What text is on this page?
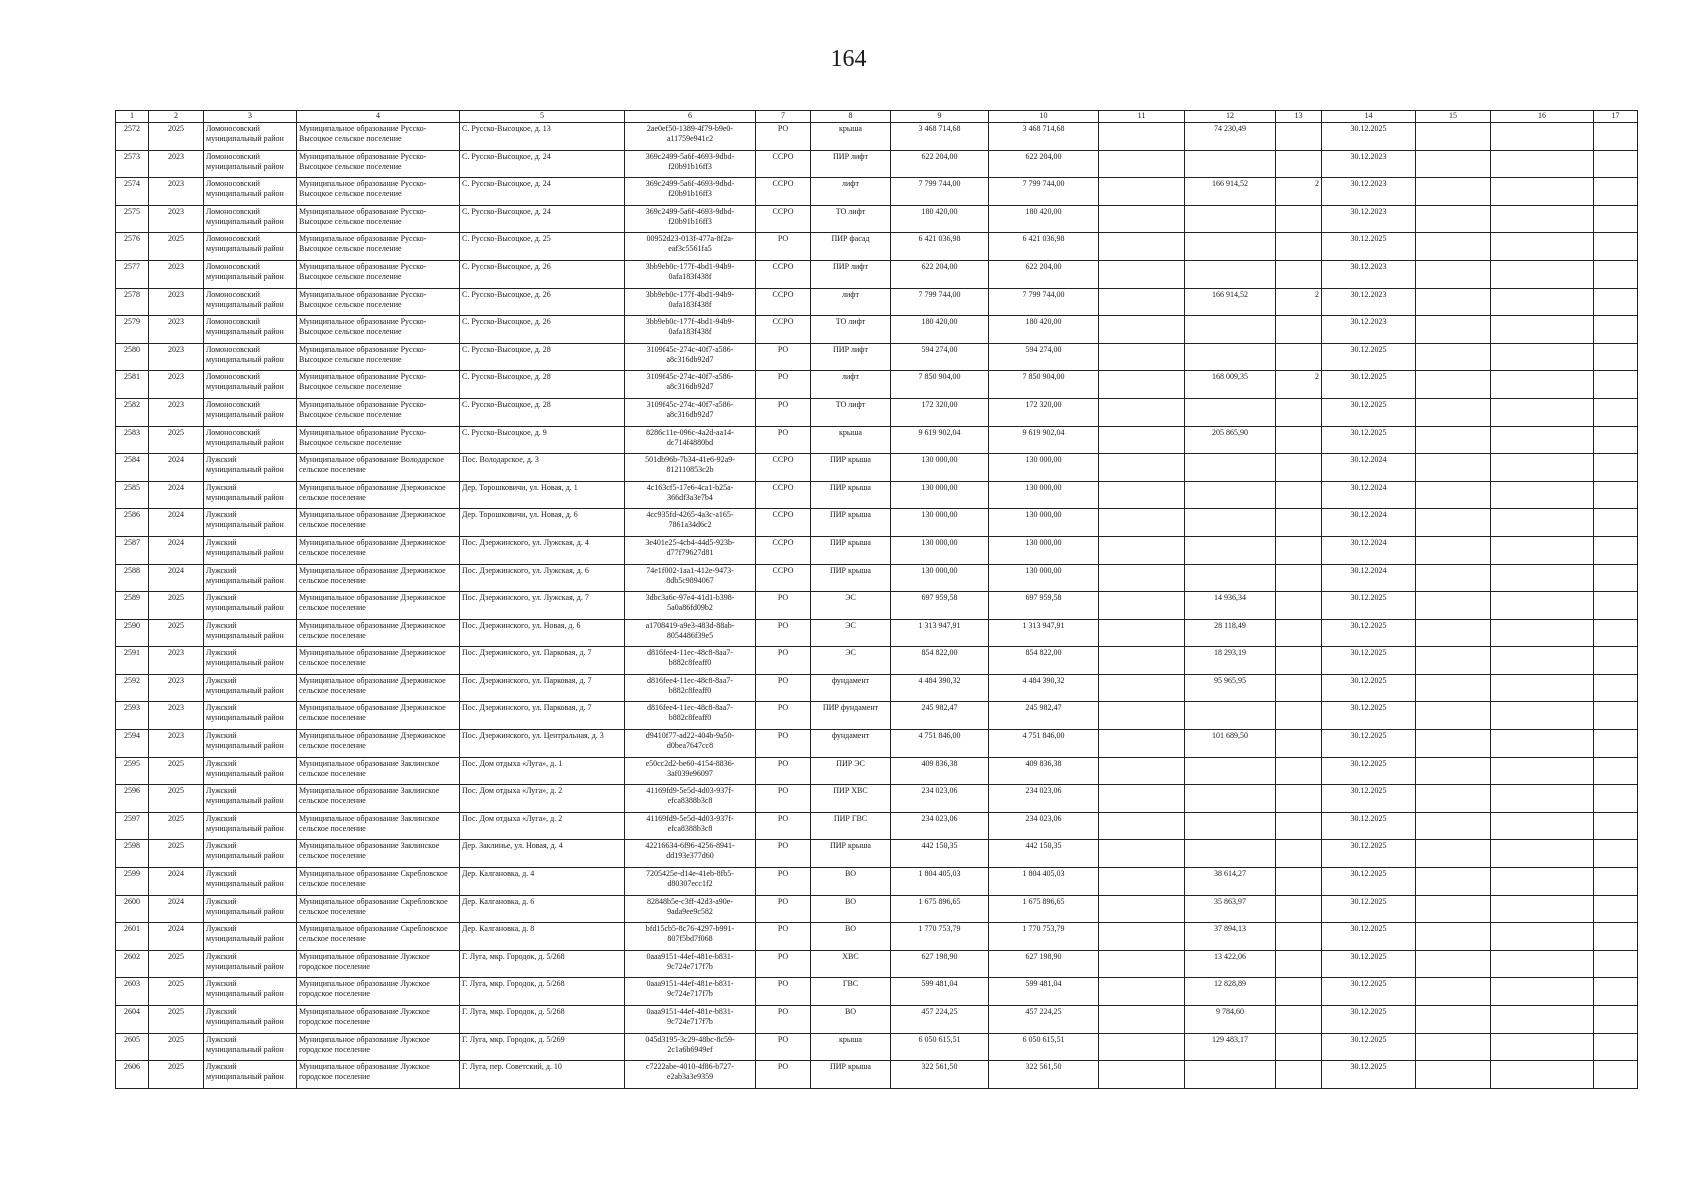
164
1	2	3	4	5	6	7	8	9	10	11	12	13	14	15	16	17
2572	2025	Ломоносовский муниципальный район	Муниципальное образование Русско-Высоцкое сельское поселение	С. Русско-Высоцкое, д. 13	2ae0ef50-1389-4f79-b9e0-a11759e941c2	РО	крыша	3 468 714,68	3 468 714,68		74 230,49		30.12.2025			
2573	2023	Ломоносовский муниципальный район	Муниципальное образование Русско-Высоцкое сельское поселение	С. Русско-Высоцкое, д. 24	369c2499-5a6f-4693-9dbd-f20b91b16ff3	ССРО	ПИР лифт	622 204,00	622 204,00				30.12.2023			
2574	2023	Ломоносовский муниципальный район	Муниципальное образование Русско-Высоцкое сельское поселение	С. Русско-Высоцкое, д. 24	369c2499-5a6f-4693-9dbd-f20b91b16ff3	ССРО	лифт	7 799 744,00	7 799 744,00		166 914,52	2	30.12.2023			
2575	2023	Ломоносовский муниципальный район	Муниципальное образование Русско-Высоцкое сельское поселение	С. Русско-Высоцкое, д. 24	369c2499-5a6f-4693-9dbd-f20b91b16ff3	ССРО	ТО лифт	180 420,00	180 420,00				30.12.2023			
2576	2025	Ломоносовский муниципальный район	Муниципальное образование Русско-Высоцкое сельское поселение	С. Русско-Высоцкое, д. 25	00952d23-013f-477a-8f2a-eaf3c5561fa5	РО	ПИР фасад	6 421 036,98	6 421 036,98				30.12.2025			
2577	2023	Ломоносовский муниципальный район	Муниципальное образование Русско-Высоцкое сельское поселение	С. Русско-Высоцкое, д. 26	3bb9eb0c-177f-4bd1-94b9-0afa183f438f	ССРО	ПИР лифт	622 204,00	622 204,00				30.12.2023			
2578	2023	Ломоносовский муниципальный район	Муниципальное образование Русско-Высоцкое сельское поселение	С. Русско-Высоцкое, д. 26	3bb9eb0c-177f-4bd1-94b9-0afa183f438f	ССРО	лифт	7 799 744,00	7 799 744,00		166 914,52	2	30.12.2023			
2579	2023	Ломоносовский муниципальный район	Муниципальное образование Русско-Высоцкое сельское поселение	С. Русско-Высоцкое, д. 26	3bb9eb0c-177f-4bd1-94b9-0afa183f438f	ССРО	ТО лифт	180 420,00	180 420,00				30.12.2023			
2580	2023	Ломоносовский муниципальный район	Муниципальное образование Русско-Высоцкое сельское поселение	С. Русско-Высоцкое, д. 28	3109f45c-274c-40f7-a586-a8c316db92d7	РО	ПИР лифт	594 274,00	594 274,00				30.12.2025			
2581	2023	Ломоносовский муниципальный район	Муниципальное образование Русско-Высоцкое сельское поселение	С. Русско-Высоцкое, д. 28	3109f45c-274c-40f7-a586-a8c316db92d7	РО	лифт	7 850 904,00	7 850 904,00		168 009,35	2	30.12.2025			
2582	2023	Ломоносовский муниципальный район	Муниципальное образование Русско-Высоцкое сельское поселение	С. Русско-Высоцкое, д. 28	3109f45c-274c-40f7-a586-a8c316db92d7	РО	ТО лифт	172 320,00	172 320,00				30.12.2025			
2583	2025	Ломоносовский муниципальный район	Муниципальное образование Русско-Высоцкое сельское поселение	С. Русско-Высоцкое, д. 9	8286c11e-096c-4a2d-aa14-dc714f4880bd	РО	крыша	9 619 902,04	9 619 902,04		205 865,90		30.12.2025			
2584	2024	Лужский муниципальный район	Муниципальное образование Володарское сельское поселение	Пос. Володарское, д. 3	501db96b-7b34-41e6-92a9-812110853c2b	ССРО	ПИР крыша	130 000,00	130 000,00				30.12.2024			
2585	2024	Лужский муниципальный район	Муниципальное образование Дзержинское сельское поселение	Дер. Торошковичи, ул. Новая, д. 1	4c163cf5-17e6-4ca1-b25a-366df3a3e7b4	ССРО	ПИР крыша	130 000,00	130 000,00				30.12.2024			
2586	2024	Лужский муниципальный район	Муниципальное образование Дзержинское сельское поселение	Дер. Торошковичи, ул. Новая, д. 6	4cc935fd-4265-4a3c-a165-7861a34d6c2	ССРО	ПИР крыша	130 000,00	130 000,00				30.12.2024			
2587	2024	Лужский муниципальный район	Муниципальное образование Дзержинское сельское поселение	Пос. Дзержинского, ул. Лужская, д. 4	3e401e25-4cb4-44d5-923b-d77f79627d81	ССРО	ПИР крыша	130 000,00	130 000,00				30.12.2024			
2588	2024	Лужский муниципальный район	Муниципальное образование Дзержинское сельское поселение	Пос. Дзержинского, ул. Лужская, д. 6	74e1f002-1aa1-412e-9473-8db5c9894067	ССРО	ПИР крыша	130 000,00	130 000,00				30.12.2024			
2589	2025	Лужский муниципальный район	Муниципальное образование Дзержинское сельское поселение	Пос. Дзержинского, ул. Лужская, д. 7	3dbc3a6c-97e4-41d1-b398-5a0a86fd09b2	РО	ЭС	697 959,58	697 959,58		14 936,34		30.12.2025			
2590	2025	Лужский муниципальный район	Муниципальное образование Дзержинское сельское поселение	Пос. Дзержинского, ул. Новая, д. 6	a1708419-a9e3-483d-88ab-8054486f39e5	РО	ЭС	1 313 947,91	1 313 947,91		28 118,49		30.12.2025			
2591	2023	Лужский муниципальный район	Муниципальное образование Дзержинское сельское поселение	Пос. Дзержинского, ул. Парковая, д. 7	d816fee4-11ec-48c8-8aa7-b882c8feaff0	РО	ЭС	854 822,00	854 822,00		18 293,19		30.12.2025			
2592	2023	Лужский муниципальный район	Муниципальное образование Дзержинское сельское поселение	Пос. Дзержинского, ул. Парковая, д. 7	d816fee4-11ec-48c8-8aa7-b882c8feaff0	РО	фундамент	4 484 390,32	4 484 390,32		95 965,95		30.12.2025			
2593	2023	Лужский муниципальный район	Муниципальное образование Дзержинское сельское поселение	Пос. Дзержинского, ул. Парковая, д. 7	d816fee4-11ec-48c8-8aa7-b882c8feaff0	РО	ПИР фундамент	245 982,47	245 982,47				30.12.2025			
2594	2023	Лужский муниципальный район	Муниципальное образование Дзержинское сельское поселение	Пос. Дзержинского, ул. Центральная, д. 3	d9410f77-ad22-404b-9a50-d0bea7647cc8	РО	фундамент	4 751 846,00	4 751 846,00		101 689,50		30.12.2025			
2595	2025	Лужский муниципальный район	Муниципальное образование Заклинское сельское поселение	Пос. Дом отдыха «Луга», д. 1	e50cc2d2-be60-4154-8836-3af039e96097	РО	ПИР ЭС	409 836,38	409 836,38				30.12.2025			
2596	2025	Лужский муниципальный район	Муниципальное образование Заклинское сельское поселение	Пос. Дом отдыха «Луга», д. 2	41169fd9-5e5d-4d03-937f-efca8388b3c8	РО	ПИР ХВС	234 023,06	234 023,06				30.12.2025			
2597	2025	Лужский муниципальный район	Муниципальное образование Заклинское сельское поселение	Пос. Дом отдыха «Луга», д. 2	41169fd9-5e5d-4d03-937f-efca8388b3c8	РО	ПИР ГВС	234 023,06	234 023,06				30.12.2025			
2598	2025	Лужский муниципальный район	Муниципальное образование Заклинское сельское поселение	Дер. Заклинье, ул. Новая, д. 4	42216634-6f96-4256-8941-dd193e377d60	РО	ПИР крыша	442 150,35	442 150,35				30.12.2025			
2599	2024	Лужский муниципальный район	Муниципальное образование Скребловское сельское поселение	Дер. Калгановка, д. 4	7205425e-d14e-41eb-8fb5-d80307ecc1f2	РО	ВО	1 804 405,03	1 804 405,03		38 614,27		30.12.2025			
2600	2024	Лужский муниципальный район	Муниципальное образование Скребловское сельское поселение	Дер. Калгановка, д. 6	82848b5e-c3ff-42d3-a90e-9ada9ee9c582	РО	ВО	1 675 896,65	1 675 896,65		35 863,97		30.12.2025			
2601	2024	Лужский муниципальный район	Муниципальное образование Скребловское сельское поселение	Дер. Калгановка, д. 8	bfd15cb5-8c76-4297-b991-807f5bd7f068	РО	ВО	1 770 753,79	1 770 753,79		37 894,13		30.12.2025			
2602	2025	Лужский муниципальный район	Муниципальное образование Лужское городское поселение	Г. Луга, мкр. Городок, д. 5/268	0aaa9151-44ef-481e-b831-9c724e717f7b	РО	ХВС	627 198,90	627 198,90		13 422,06		30.12.2025			
2603	2025	Лужский муниципальный район	Муниципальное образование Лужское городское поселение	Г. Луга, мкр. Городок, д. 5/268	0aaa9151-44ef-481e-b831-9c724e717f7b	РО	ГВС	599 481,04	599 481,04		12 828,89		30.12.2025			
2604	2025	Лужский муниципальный район	Муниципальное образование Лужское городское поселение	Г. Луга, мкр. Городок, д. 5/268	0aaa9151-44ef-481e-b831-9c724e717f7b	РО	ВО	457 224,25	457 224,25		9 784,60		30.12.2025			
2605	2025	Лужский муниципальный район	Муниципальное образование Лужское городское поселение	Г. Луга, мкр. Городок, д. 5/269	045d3195-3c29-48bc-8c59-2c1a6b6949ef	РО	крыша	6 050 615,51	6 050 615,51		129 483,17		30.12.2025			
2606	2025	Лужский муниципальный район	Муниципальное образование Лужское городское поселение	Г. Луга, пер. Советский, д. 10	c7222abe-4010-4f86-b727-e2ab3a3e9359	РО	ПИР крыша	322 561,50	322 561,50				30.12.2025			
